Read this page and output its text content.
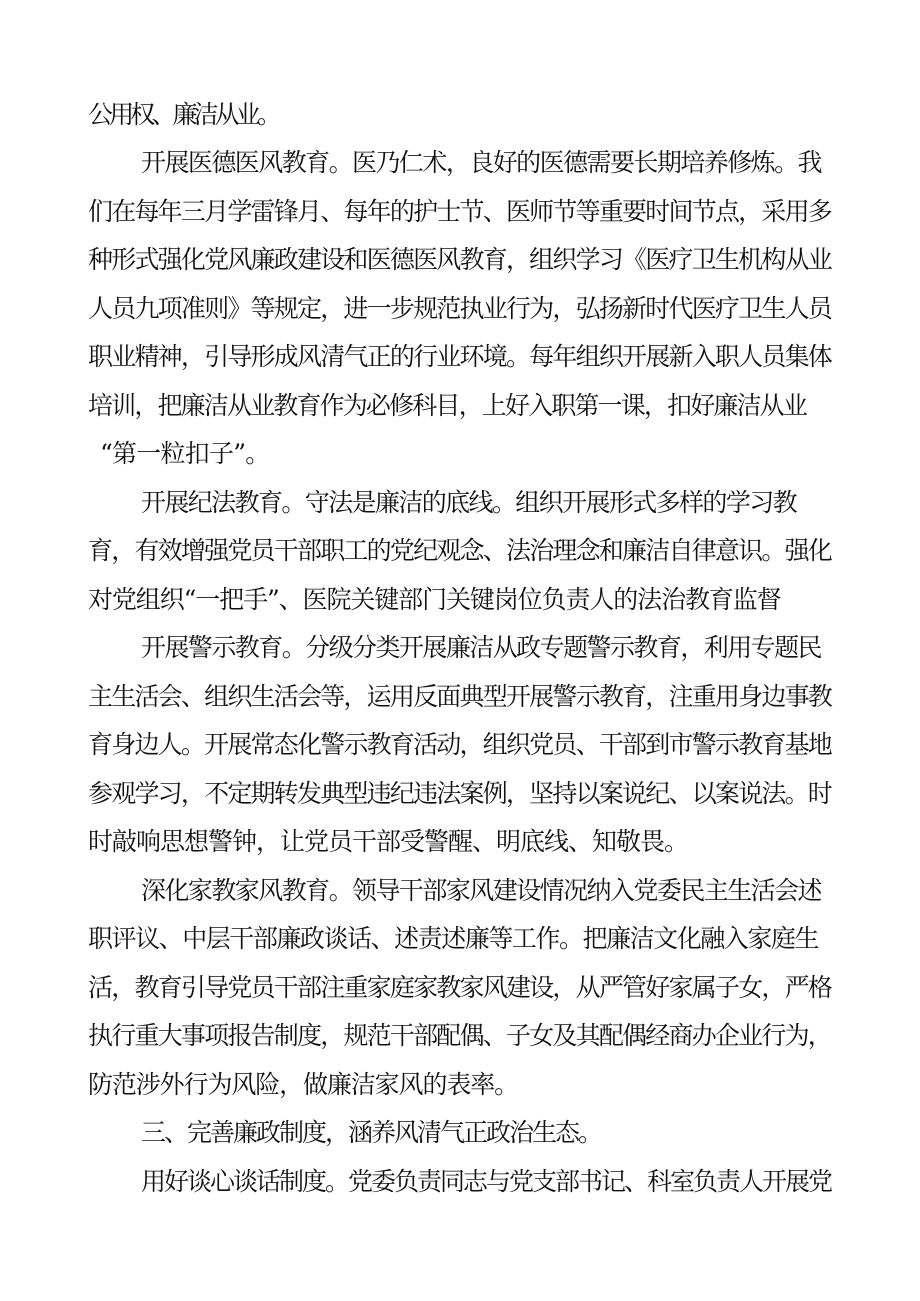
公用权、廉洁从业。
开展医德医风教育。医乃仁术，良好的医德需要长期培养修炼。我
们在每年三月学雷锋月、每年的护士节、医师节等重要时间节点，采用多
种形式强化党风廉政建设和医德医风教育，组织学习《医疗卫生机构从业
人员九项准则》等规定，进一步规范执业行为，弘扬新时代医疗卫生人员
职业精神，引导形成风清气正的行业环境。每年组织开展新入职人员集体
培训，把廉洁从业教育作为必修科目，上好入职第一课，扣好廉洁从业
“第一粒扣子”。
开展纪法教育。守法是廉洁的底线。组织开展形式多样的学习教
育，有效增强党员干部职工的党纪观念、法治理念和廉洁自律意识。强化
对党组织“一把手”、医院关键部门关键岗位负责人的法治教育监督
开展警示教育。分级分类开展廉洁从政专题警示教育，利用专题民
主生活会、组织生活会等，运用反面典型开展警示教育，注重用身边事教
育身边人。开展常态化警示教育活动，组织党员、干部到市警示教育基地
参观学习，不定期转发典型违纪违法案例，坚持以案说纪、以案说法。时
时敲响思想警钟，让党员干部受警醒、明底线、知敬畏。
深化家教家风教育。领导干部家风建设情况纳入党委民主生活会述
职评议、中层干部廉政谈话、述责述廉等工作。把廉洁文化融入家庭生
活，教育引导党员干部注重家庭家教家风建设，从严管好家属子女，严格
执行重大事项报告制度，规范干部配偶、子女及其配偶经商办企业行为，
防范涉外行为风险，做廉洁家风的表率。
三、完善廉政制度，涵养风清气正政治生态。
用好谈心谈话制度。党委负责同志与党支部书记、科室负责人开展党
